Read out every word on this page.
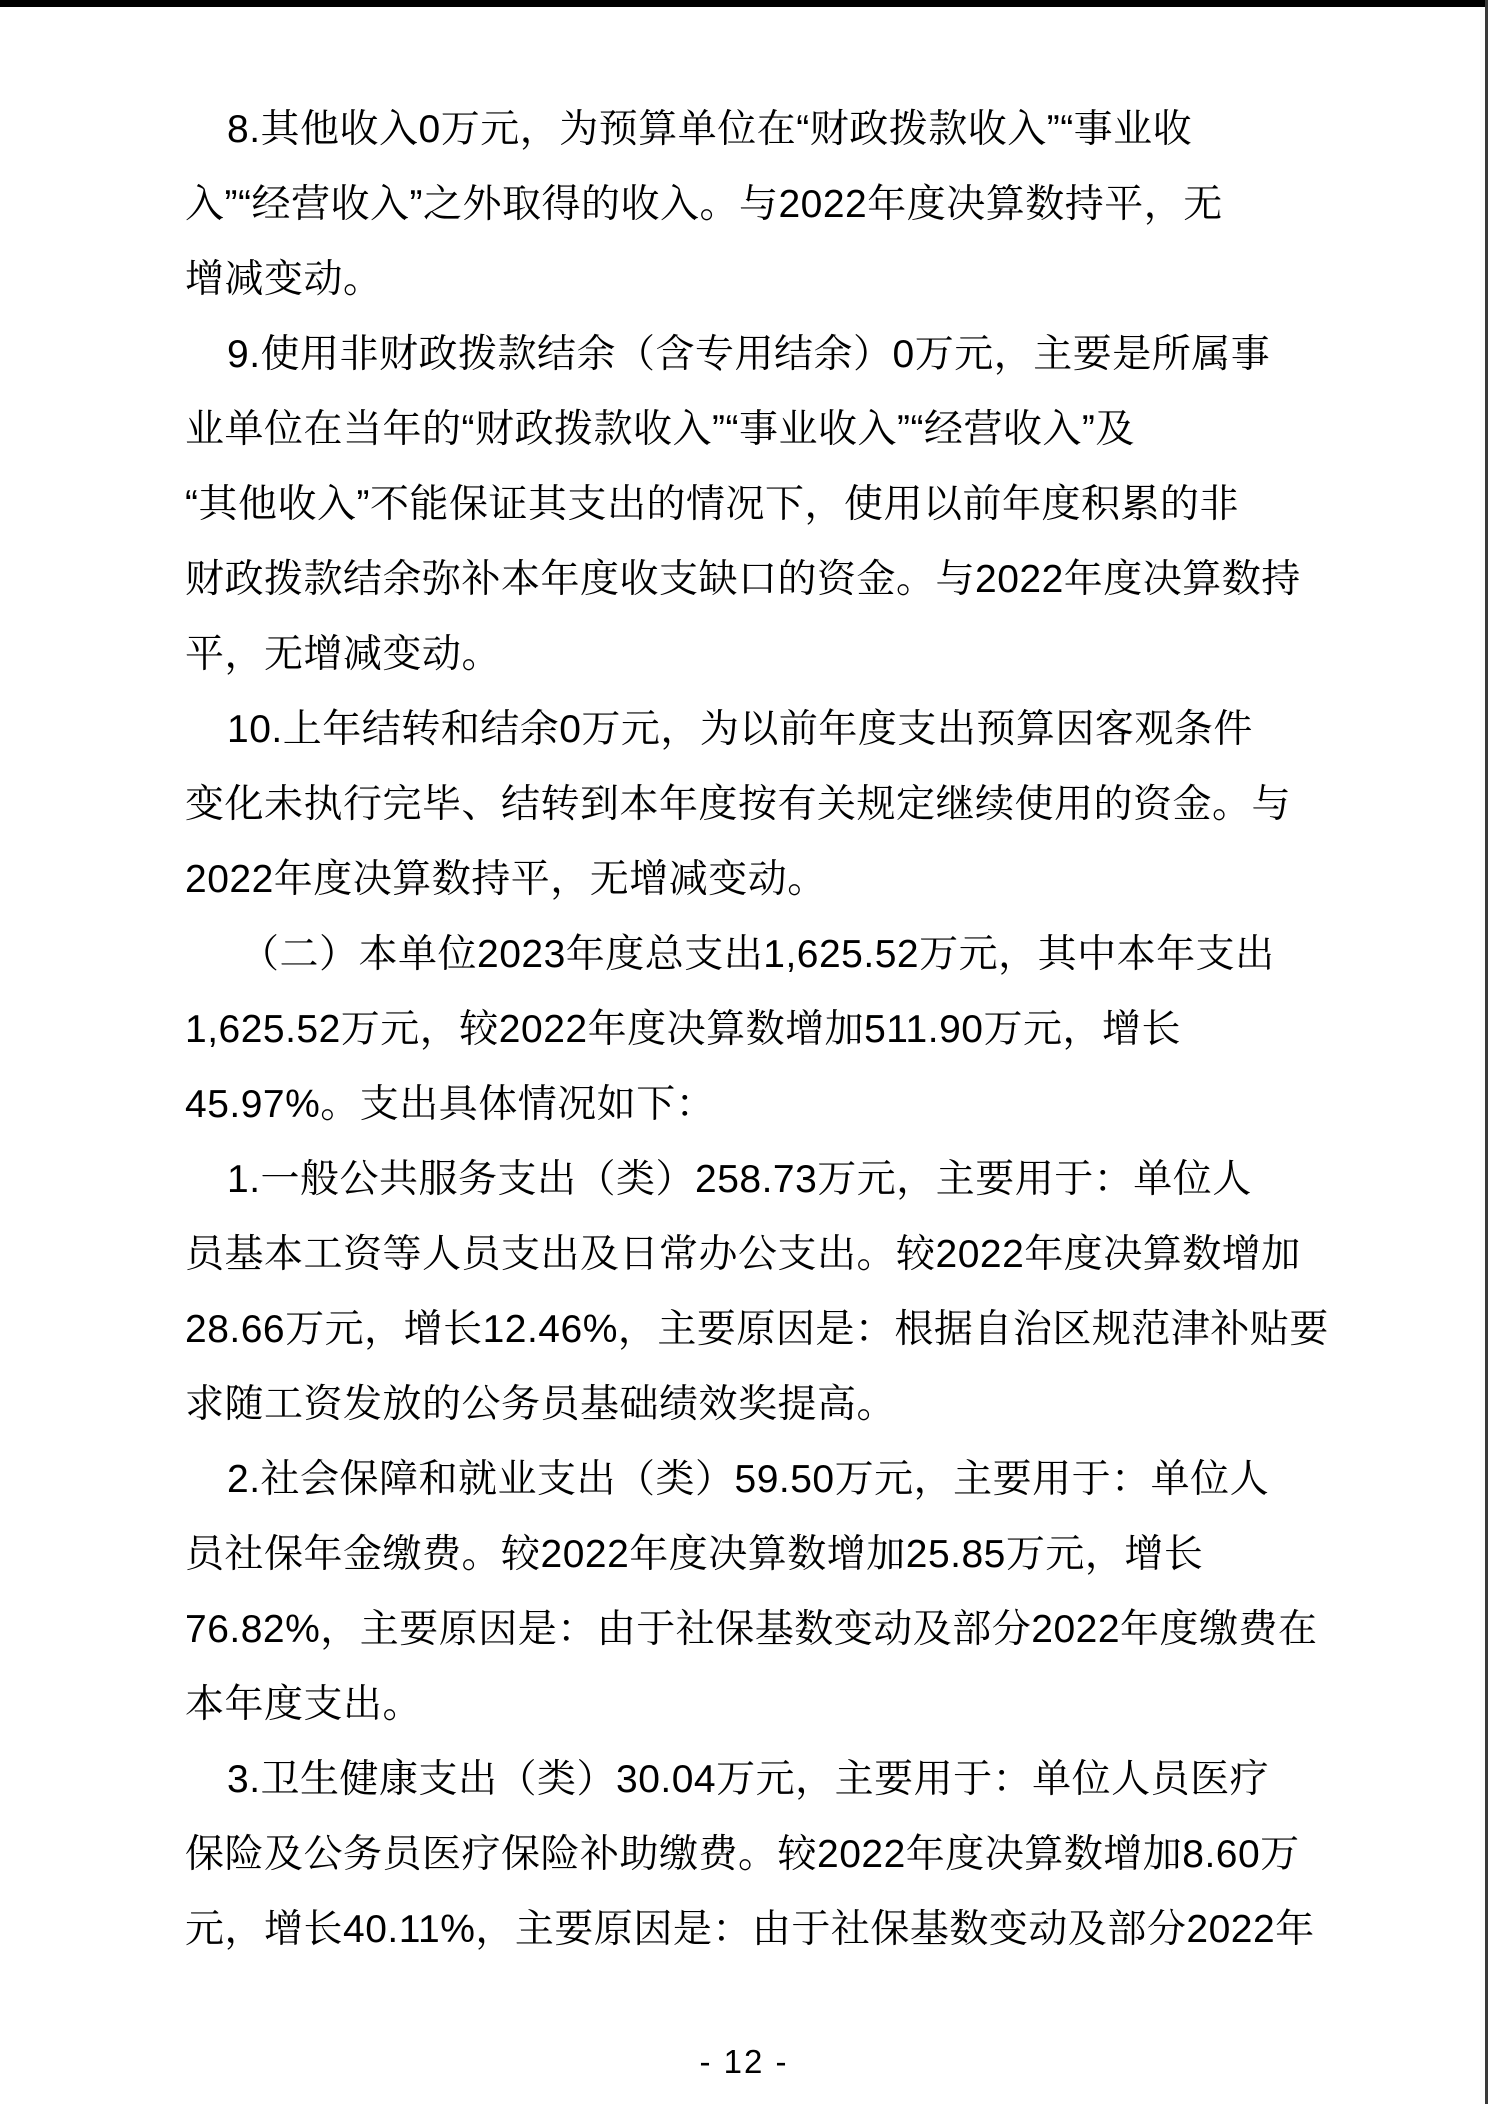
8.其他收入0万元，为预算单位在“财政拨款收入”“事业收
入”“经营收入”之外取得的收入。与2022年度决算数持平，无
增减变动。
9.使用非财政拨款结余（含专用结余）0万元，主要是所属事
业单位在当年的“财政拨款收入”“事业收入”“经营收入”及
“其他收入”不能保证其支出的情况下，使用以前年度积累的非
财政拨款结余弥补本年度收支缺口的资金。与2022年度决算数持
平，无增减变动。
10.上年结转和结余0万元，为以前年度支出预算因客观条件
变化未执行完毕、结转到本年度按有关规定继续使用的资金。与
2022年度决算数持平，无增减变动。
（二）本单位2023年度总支出1,625.52万元，其中本年支出
1,625.52万元，较2022年度决算数增加511.90万元，增长
45.97%。支出具体情况如下：
1.一般公共服务支出（类）258.73万元，主要用于：单位人
员基本工资等人员支出及日常办公支出。较2022年度决算数增加
28.66万元，增长12.46%，主要原因是：根据自治区规范津补贴要
求随工资发放的公务员基础绩效奖提高。
2.社会保障和就业支出（类）59.50万元，主要用于：单位人
员社保年金缴费。较2022年度决算数增加25.85万元，增长
76.82%，主要原因是：由于社保基数变动及部分2022年度缴费在
本年度支出。
3.卫生健康支出（类）30.04万元，主要用于：单位人员医疗
保险及公务员医疗保险补助缴费。较2022年度决算数增加8.60万
元，增长40.11%，主要原因是：由于社保基数变动及部分2022年
- 12 -
